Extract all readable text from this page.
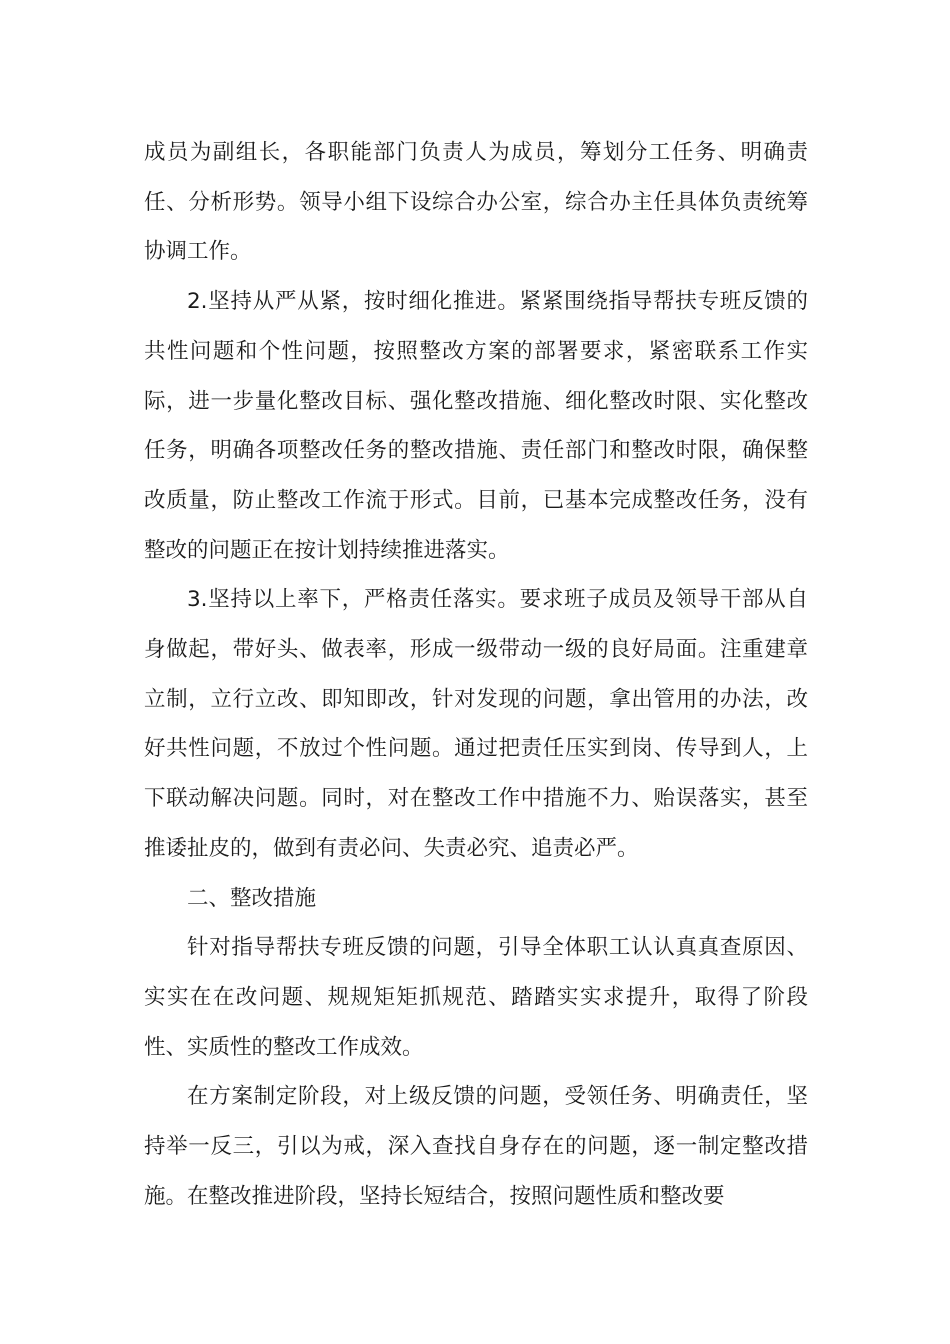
成员为副组长，各职能部门负责人为成员，筹划分工任务、明确责任、分析形势。领导小组下设综合办公室，综合办主任具体负责统筹协调工作。

2.坚持从严从紧，按时细化推进。紧紧围绕指导帮扶专班反馈的共性问题和个性问题，按照整改方案的部署要求，紧密联系工作实际，进一步量化整改目标、强化整改措施、细化整改时限、实化整改任务，明确各项整改任务的整改措施、责任部门和整改时限，确保整改质量，防止整改工作流于形式。目前，已基本完成整改任务，没有整改的问题正在按计划持续推进落实。

3.坚持以上率下，严格责任落实。要求班子成员及领导干部从自身做起，带好头、做表率，形成一级带动一级的良好局面。注重建章立制，立行立改、即知即改，针对发现的问题，拿出管用的办法，改好共性问题，不放过个性问题。通过把责任压实到岗、传导到人，上下联动解决问题。同时，对在整改工作中措施不力、贻误落实，甚至推诿扯皮的，做到有责必问、失责必究、追责必严。

二、整改措施

针对指导帮扶专班反馈的问题，引导全体职工认认真真查原因、实实在在改问题、规规矩矩抓规范、踏踏实实求提升，取得了阶段性、实质性的整改工作成效。

在方案制定阶段，对上级反馈的问题，受领任务、明确责任，坚持举一反三，引以为戒，深入查找自身存在的问题，逐一制定整改措施。在整改推进阶段，坚持长短结合，按照问题性质和整改要
